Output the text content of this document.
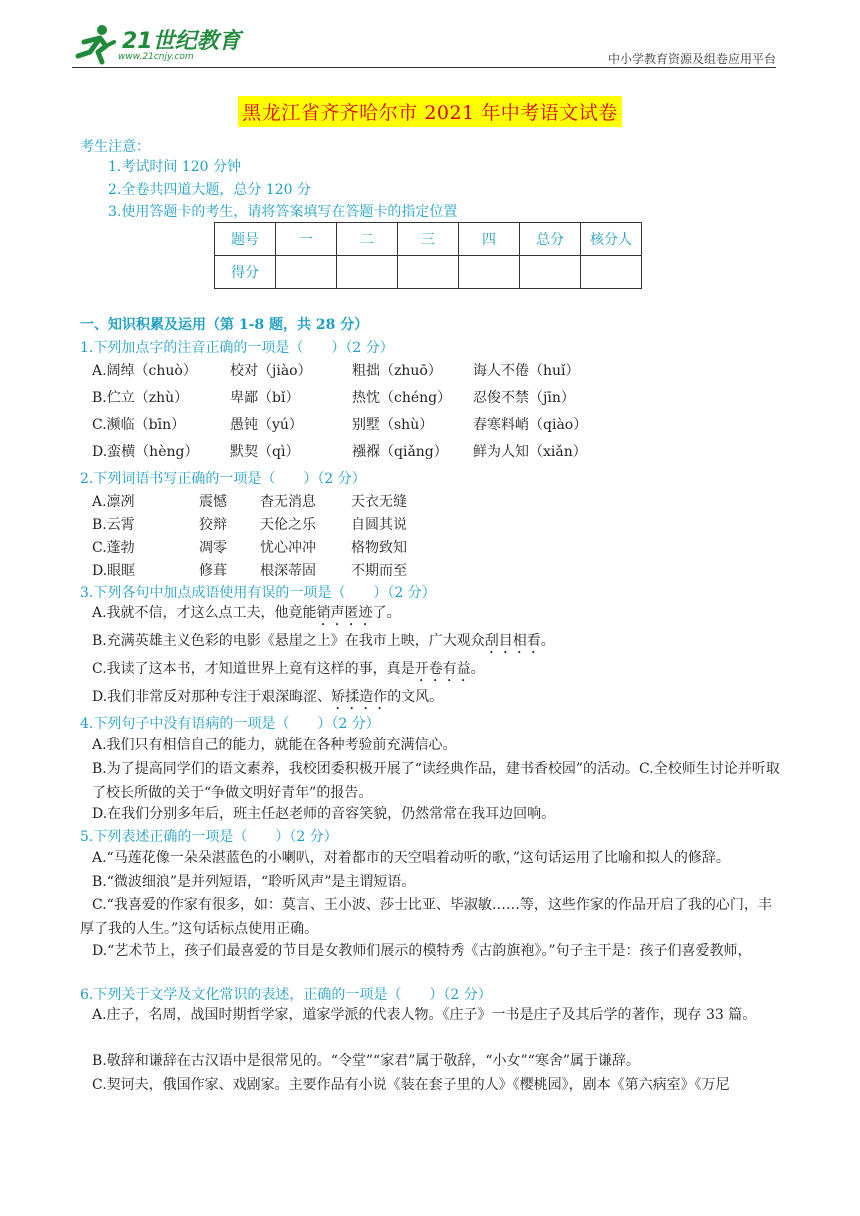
21世纪教育
www.21cnjy.com	中小学教育资源及组卷应用平台
黑龙江省齐齐哈尔市 2021 年中考语文试卷
考生注意：
1.考试时间 120 分钟
2.全卷共四道大题，总分 120 分
3.使用答题卡的考生，请将答案填写在答题卡的指定位置
题号	一	二	三	四	总分	核分人
得分						
一、知识积累及运用（第 1-8 题，共 28 分）
1.下列加点字的注音正确的一项是（　　）（2 分）
A.阔绰（chuò） 校对（jiào）	粗拙（zhuō） 诲人不倦（huǐ）
B.伫立（zhù）	卑鄙（bǐ）	热忱（chéng） 忍俊不禁（jīn）
C.濒临（bīn）	愚钝（yú）	别墅（shù）	春寒料峭（qiào）
D.蛮横（hèng） 默契（qì）	襁褓（qiǎng） 鲜为人知（xiǎn）
2.下列词语书写正确的一项是（　　）（2 分）
A.凛冽	震憾 杳无消息	天衣无缝
B.云霄	狡辩 天伦之乐	自圆其说
C.蓬勃	凋零 忧心冲冲	格物致知
D.眼眶	修葺 根深蒂固	不期而至
3.下列各句中加点成语使用有误的一项是（　　）（2 分）
A.我就不信，才这么点工夫，他竟能销声匿迹了。
B.充满英雄主义色彩的电影《悬崖之上》在我市上映，广大观众刮目相看。
C.我读了这本书，才知道世界上竟有这样的事，真是开卷有益。
D.我们非常反对那种专注于艰深晦涩、矫揉造作的文风。
4.下列句子中没有语病的一项是（　　）（2 分）
A.我们只有相信自己的能力，就能在各种考验前充满信心。
B.为了提高同学们的语文素养，我校团委积极开展了“读经典作品，建书香校园”的活动。C.全校师生讨论并听取了校长所做的关于“争做文明好青年”的报告。
D.在我们分别多年后，班主任赵老师的音容笑貌，仍然常常在我耳边回响。
5.下列表述正确的一项是（　　）（2 分）
A.“马莲花像一朵朵湛蓝色的小喇叭，对着都市的天空唱着动听的歌，”这句话运用了比喻和拟人的修辞。
B.“微波细浪”是并列短语，“聆听风声”是主谓短语。
C.“我喜爱的作家有很多，如：莫言、王小波、莎士比亚、毕淑敏……等，这些作家的作品开启了我的心门，丰厚了我的人生。”这句话标点使用正确。
D.“艺术节上，孩子们最喜爱的节目是女教师们展示的模特秀《古韵旗袍》。”句子主干是：孩子们喜爱教师，
6.下列关于文学及文化常识的表述，正确的一项是（　　）（2 分）
A.庄子，名周，战国时期哲学家，道家学派的代表人物。《庄子》一书是庄子及其后学的著作，现存 33 篇。
B.敬辞和谦辞在古汉语中是很常见的。“令堂”“家君”属于敬辞，“小女”“寒舍”属于谦辞。
C.契诃夫，俄国作家、戏剧家。主要作品有小说《装在套子里的人》《樱桃园》，剧本《第六病室》《万尼
